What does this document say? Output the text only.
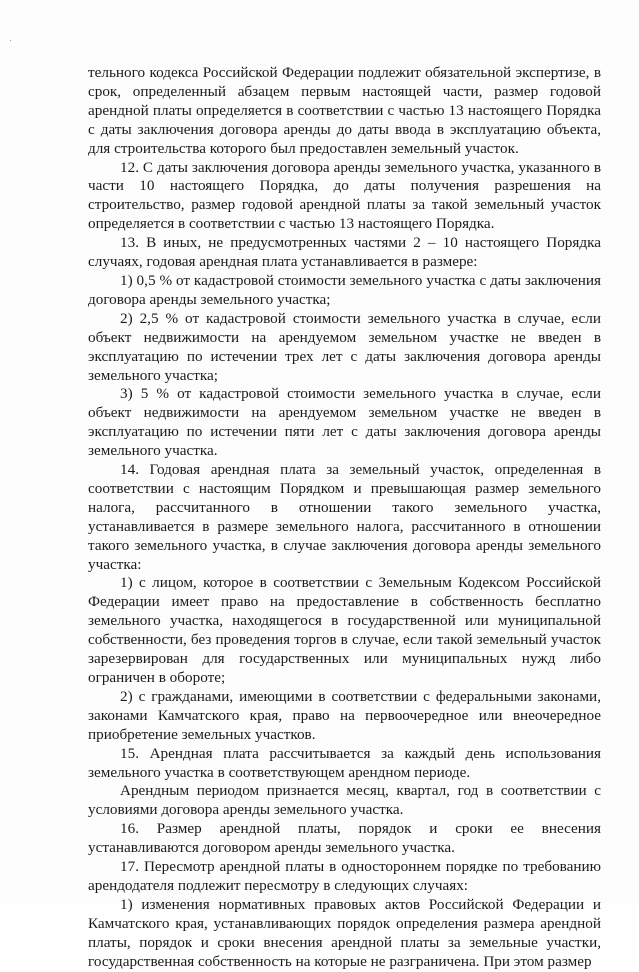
тельного кодекса Российской Федерации подлежит обязательной экспертизе, в срок, определенный абзацем первым настоящей части, размер годовой арендной платы определяется в соответствии с частью 13 настоящего Порядка с даты заключения договора аренды до даты ввода в эксплуатацию объекта, для строительства которого был предоставлен земельный участок.

12. С даты заключения договора аренды земельного участка, указанного в части 10 настоящего Порядка, до даты получения разрешения на строительство, размер годовой арендной платы за такой земельный участок определяется в соответствии с частью 13 настоящего Порядка.

13. В иных, не предусмотренных частями 2 – 10 настоящего Порядка случаях, годовая арендная плата устанавливается в размере:

1) 0,5 % от кадастровой стоимости земельного участка с даты заключения договора аренды земельного участка;

2) 2,5 % от кадастровой стоимости земельного участка в случае, если объект недвижимости на арендуемом земельном участке не введен в эксплуатацию по истечении трех лет с даты заключения договора аренды земельного участка;

3) 5 % от кадастровой стоимости земельного участка в случае, если объект недвижимости на арендуемом земельном участке не введен в эксплуатацию по истечении пяти лет с даты заключения договора аренды земельного участка.

14. Годовая арендная плата за земельный участок, определенная в соответствии с настоящим Порядком и превышающая размер земельного налога, рассчитанного в отношении такого земельного участка, устанавливается в размере земельного налога, рассчитанного в отношении такого земельного участка, в случае заключения договора аренды земельного участка:

1) с лицом, которое в соответствии с Земельным Кодексом Российской Федерации имеет право на предоставление в собственность бесплатно земельного участка, находящегося в государственной или муниципальной собственности, без проведения торгов в случае, если такой земельный участок зарезервирован для государственных или муниципальных нужд либо ограничен в обороте;

2) с гражданами, имеющими в соответствии с федеральными законами, законами Камчатского края, право на первоочередное или внеочередное приобретение земельных участков.

15. Арендная плата рассчитывается за каждый день использования земельного участка в соответствующем арендном периоде.

Арендным периодом признается месяц, квартал, год в соответствии с условиями договора аренды земельного участка.

16. Размер арендной платы, порядок и сроки ее внесения устанавливаются договором аренды земельного участка.

17. Пересмотр арендной платы в одностороннем порядке по требованию арендодателя подлежит пересмотру в следующих случаях:

1) изменения нормативных правовых актов Российской Федерации и Камчатского края, устанавливающих порядок определения размера арендной платы, порядок и сроки внесения арендной платы за земельные участки, государственная собственность на которые не разграничена. При этом размер
